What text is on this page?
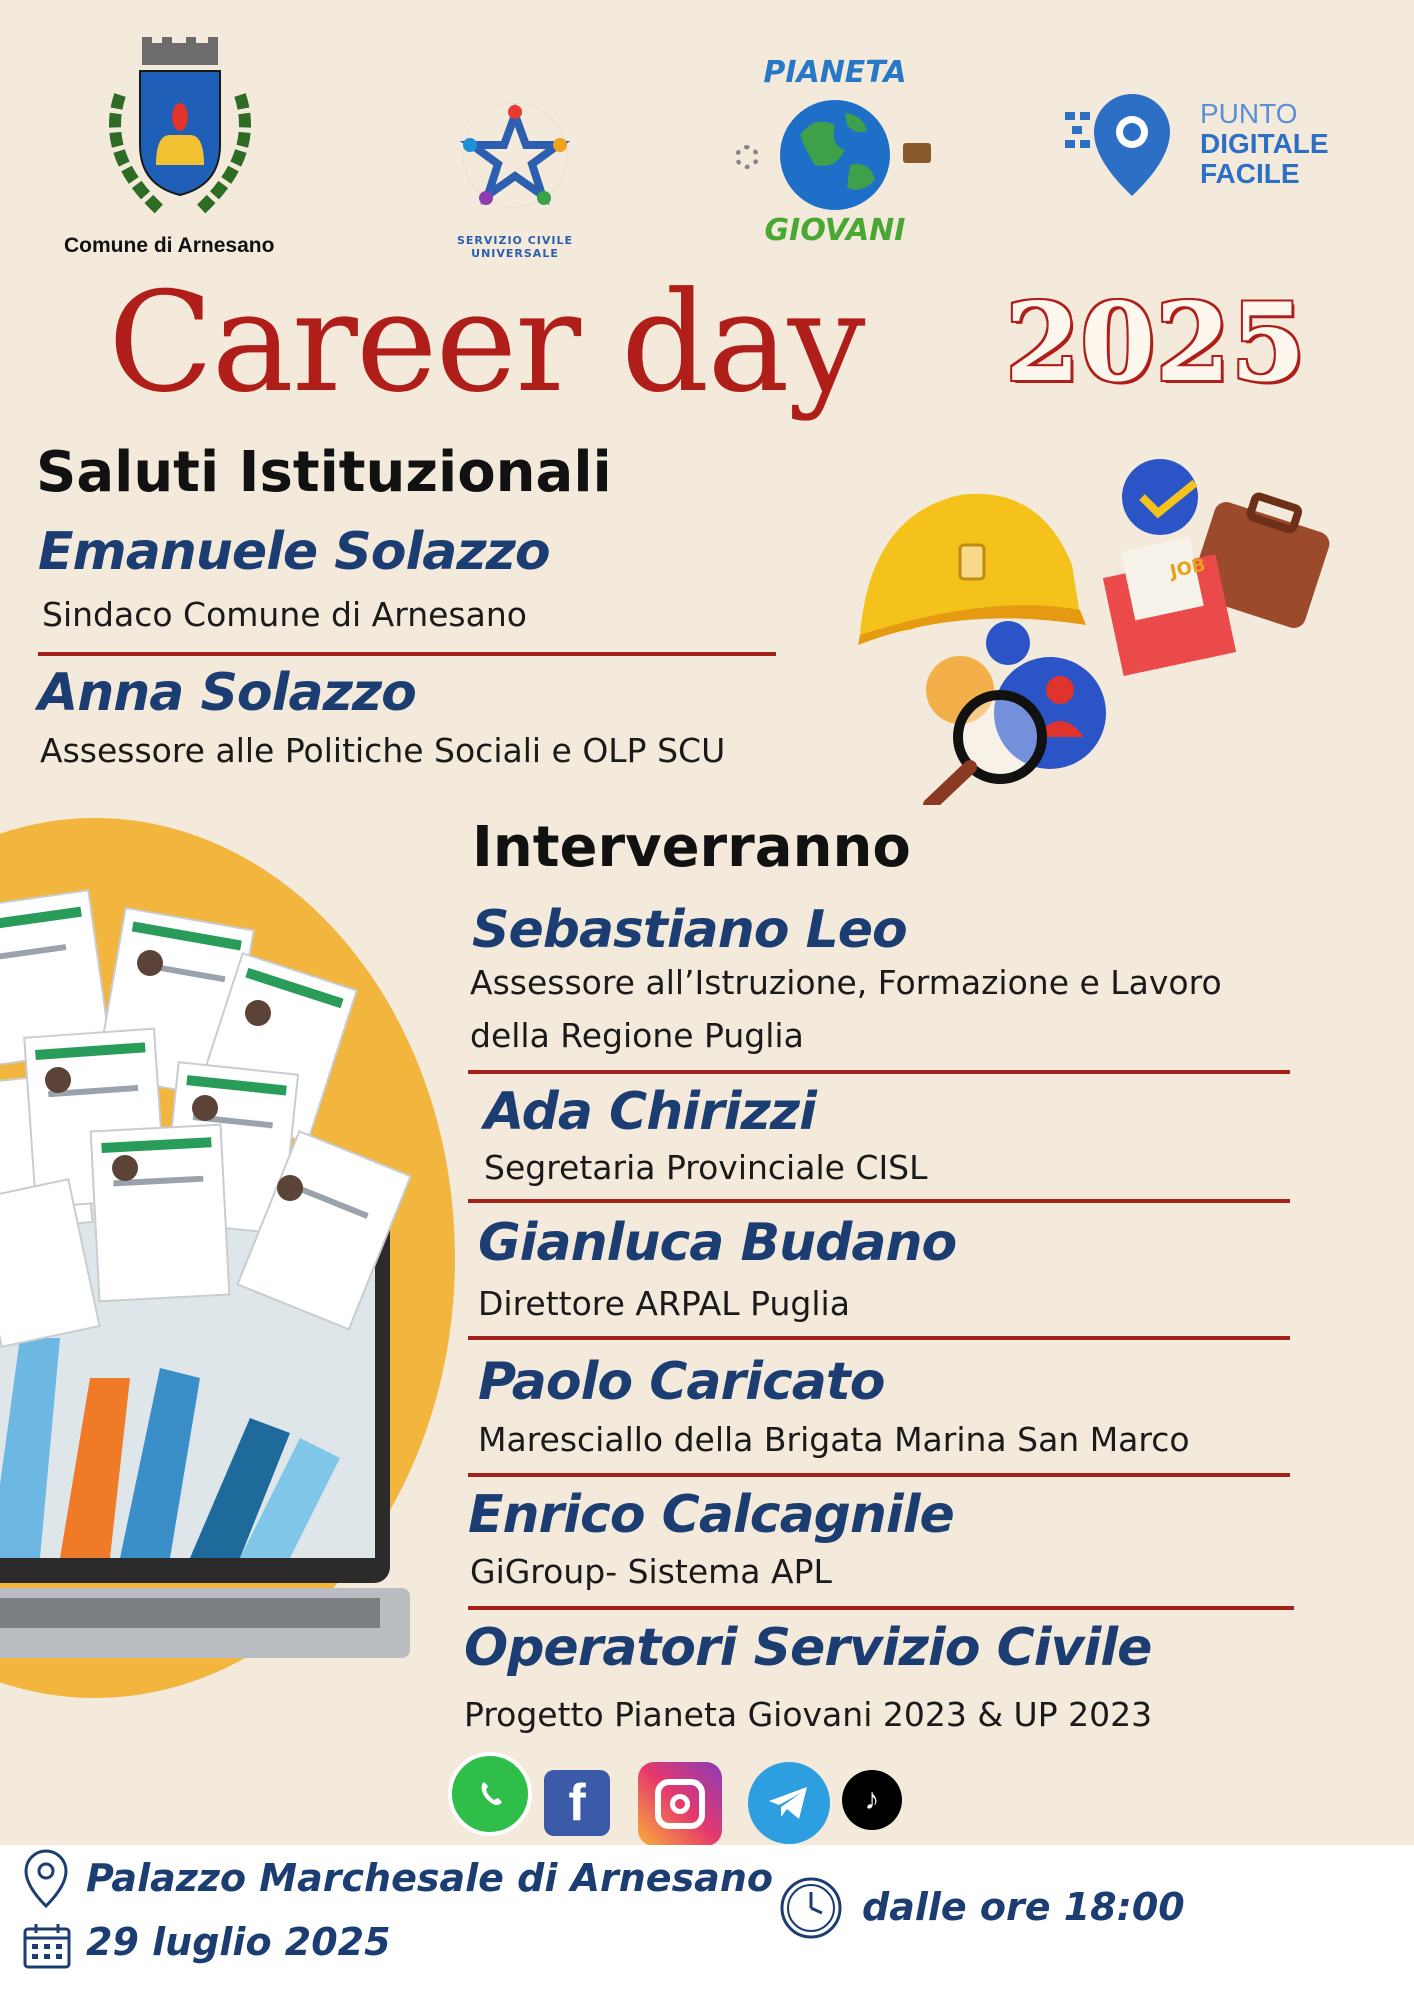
Comune di Arnesano	SERVIZIO CIVILE UNIVERSALE
PIANETA
GIOVANI
PUNTO
DIGITALE
FACILE
Career day 2025
Saluti Istituzionali
Emanuele Solazzo
Sindaco Comune di Arnesano
Anna Solazzo
Assessore alle Politiche Sociali e OLP SCU
JOB
Interverranno
Sebastiano Leo
Assessore all’Istruzione, Formazione e Lavoro
della Regione Puglia
Ada Chirizzi
Segretaria Provinciale CISL
Gianluca Budano
Direttore ARPAL Puglia
Paolo Caricato
Maresciallo della Brigata Marina San Marco
Enrico Calcagnile
GiGroup- Sistema APL
Operatori Servizio Civile
Progetto Pianeta Giovani 2023 & UP 2023
f	♪
Palazzo Marchesale di Arnesano
29 luglio 2025
dalle ore 18:00
